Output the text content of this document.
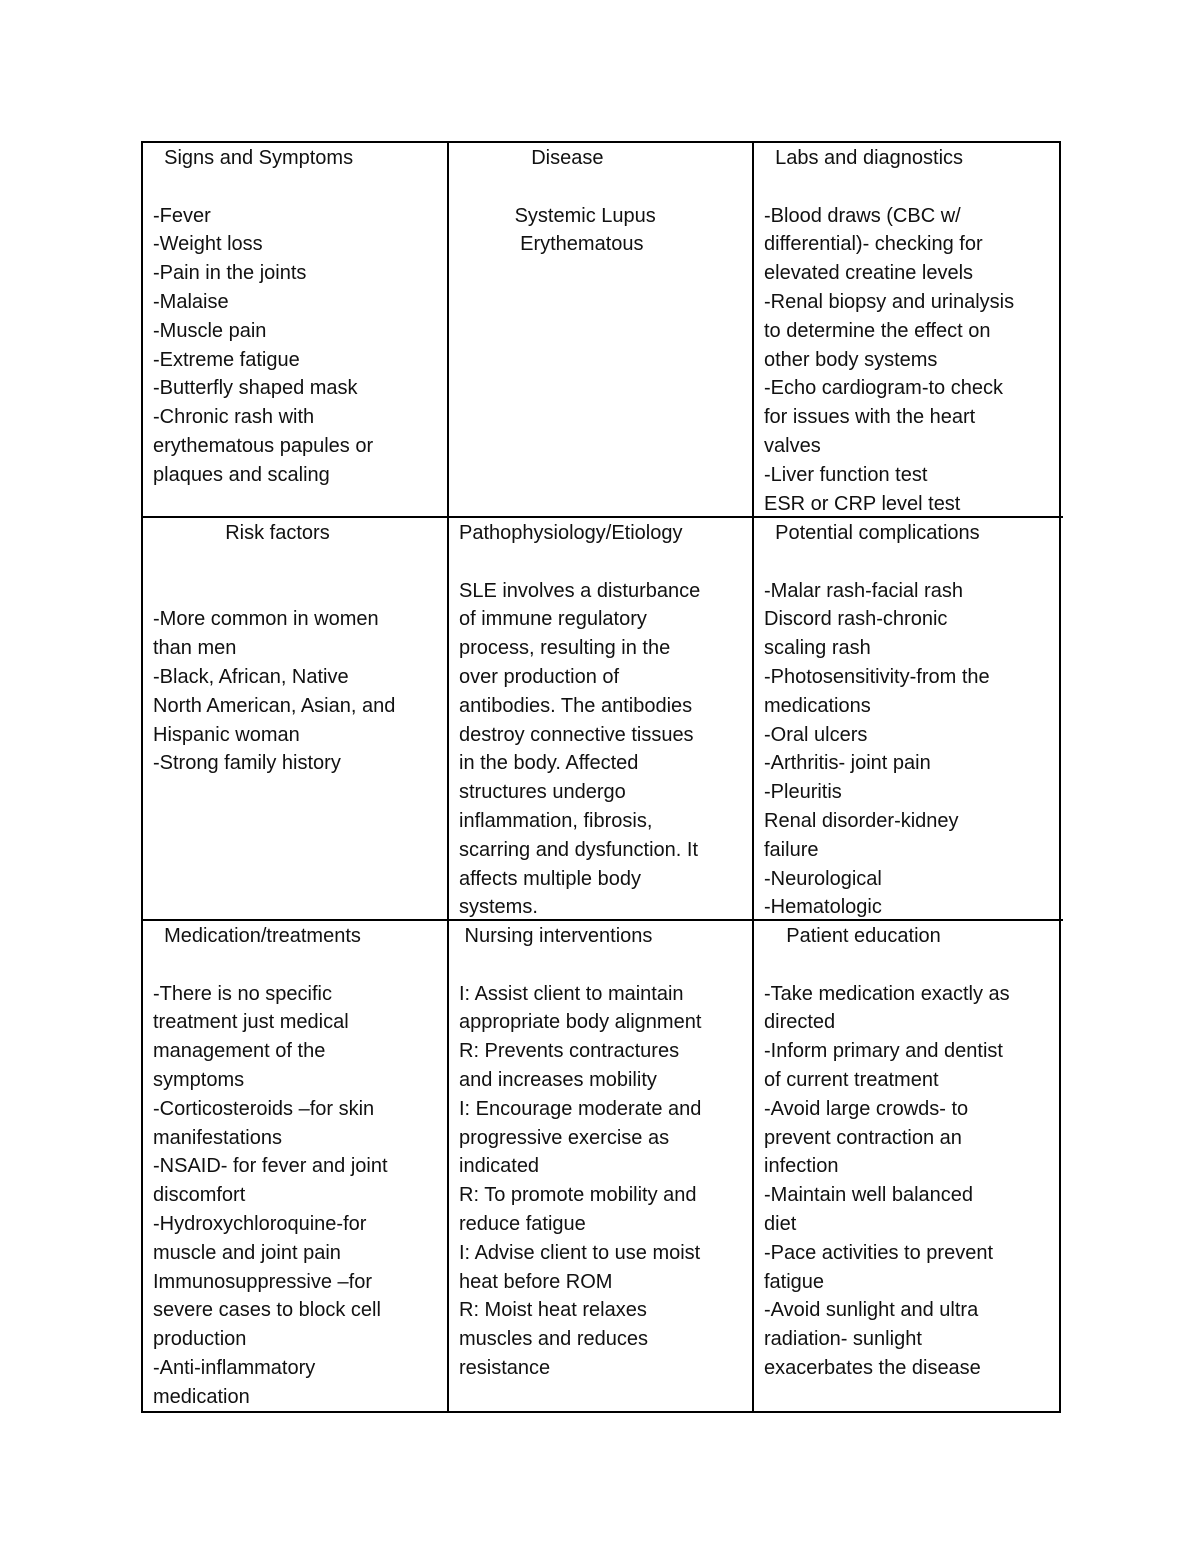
Signs and Symptoms
-Fever
-Weight loss
-Pain in the joints
-Malaise
-Muscle pain
-Extreme fatigue
-Butterfly shaped mask
-Chronic rash with
erythematous papules or
plaques and scaling
Disease
Systemic Lupus
Erythematous
Labs and diagnostics
-Blood draws (CBC w/
differential)- checking for
elevated creatine levels
-Renal biopsy and urinalysis
to determine the effect on
other body systems
-Echo cardiogram-to check
for issues with the heart
valves
-Liver function test
ESR or CRP level test
Risk factors
-More common in women
than men
-Black, African, Native
North American, Asian, and
Hispanic woman
-Strong family history
Pathophysiology/Etiology
SLE involves a disturbance
of immune regulatory
process, resulting in the
over production of
antibodies. The antibodies
destroy connective tissues
in the body. Affected
structures undergo
inflammation, fibrosis,
scarring and dysfunction. It
affects multiple body
systems.
Potential complications
-Malar rash-facial rash
Discord rash-chronic
scaling rash
-Photosensitivity-from the
medications
-Oral ulcers
-Arthritis- joint pain
-Pleuritis
Renal disorder-kidney
failure
-Neurological
-Hematologic
Medication/treatments
-There is no specific
treatment just medical
management of the
symptoms
-Corticosteroids –for skin
manifestations
-NSAID- for fever and joint
discomfort
-Hydroxychloroquine-for
muscle and joint pain
Immunosuppressive –for
severe cases to block cell
production
-Anti-inflammatory
medication
Nursing interventions
I: Assist client to maintain
appropriate body alignment
R: Prevents contractures
and increases mobility
I: Encourage moderate and
progressive exercise as
indicated
R: To promote mobility and
reduce fatigue
I: Advise client to use moist
heat before ROM
R: Moist heat relaxes
muscles and reduces
resistance
Patient education
-Take medication exactly as
directed
-Inform primary and dentist
of current treatment
-Avoid large crowds- to
prevent contraction an
infection
-Maintain well balanced
diet
-Pace activities to prevent
fatigue
-Avoid sunlight and ultra
radiation- sunlight
exacerbates the disease
